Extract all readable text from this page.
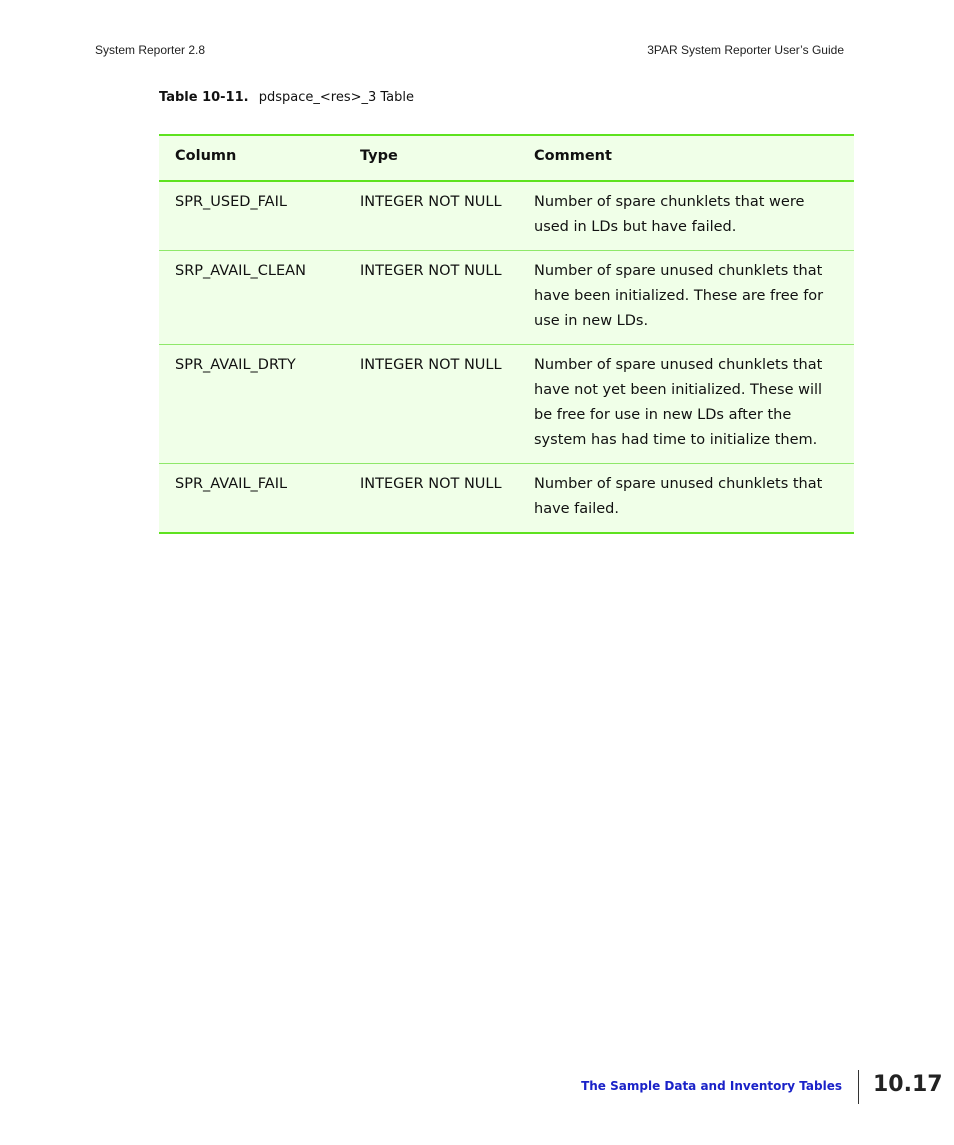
System Reporter 2.8	3PAR System Reporter User’s Guide
Table 10-11. pdspace_<res>_3 Table
Column	Type	Comment
SPR_USED_FAIL	INTEGER NOT NULL	Number of spare chunklets that were used in LDs but have failed.
SRP_AVAIL_CLEAN	INTEGER NOT NULL	Number of spare unused chunklets that have been initialized. These are free for use in new LDs.
SPR_AVAIL_DRTY	INTEGER NOT NULL	Number of spare unused chunklets that have not yet been initialized. These will be free for use in new LDs after the system has had time to initialize them.
SPR_AVAIL_FAIL	INTEGER NOT NULL	Number of spare unused chunklets that have failed.
The Sample Data and Inventory Tables 10.17
